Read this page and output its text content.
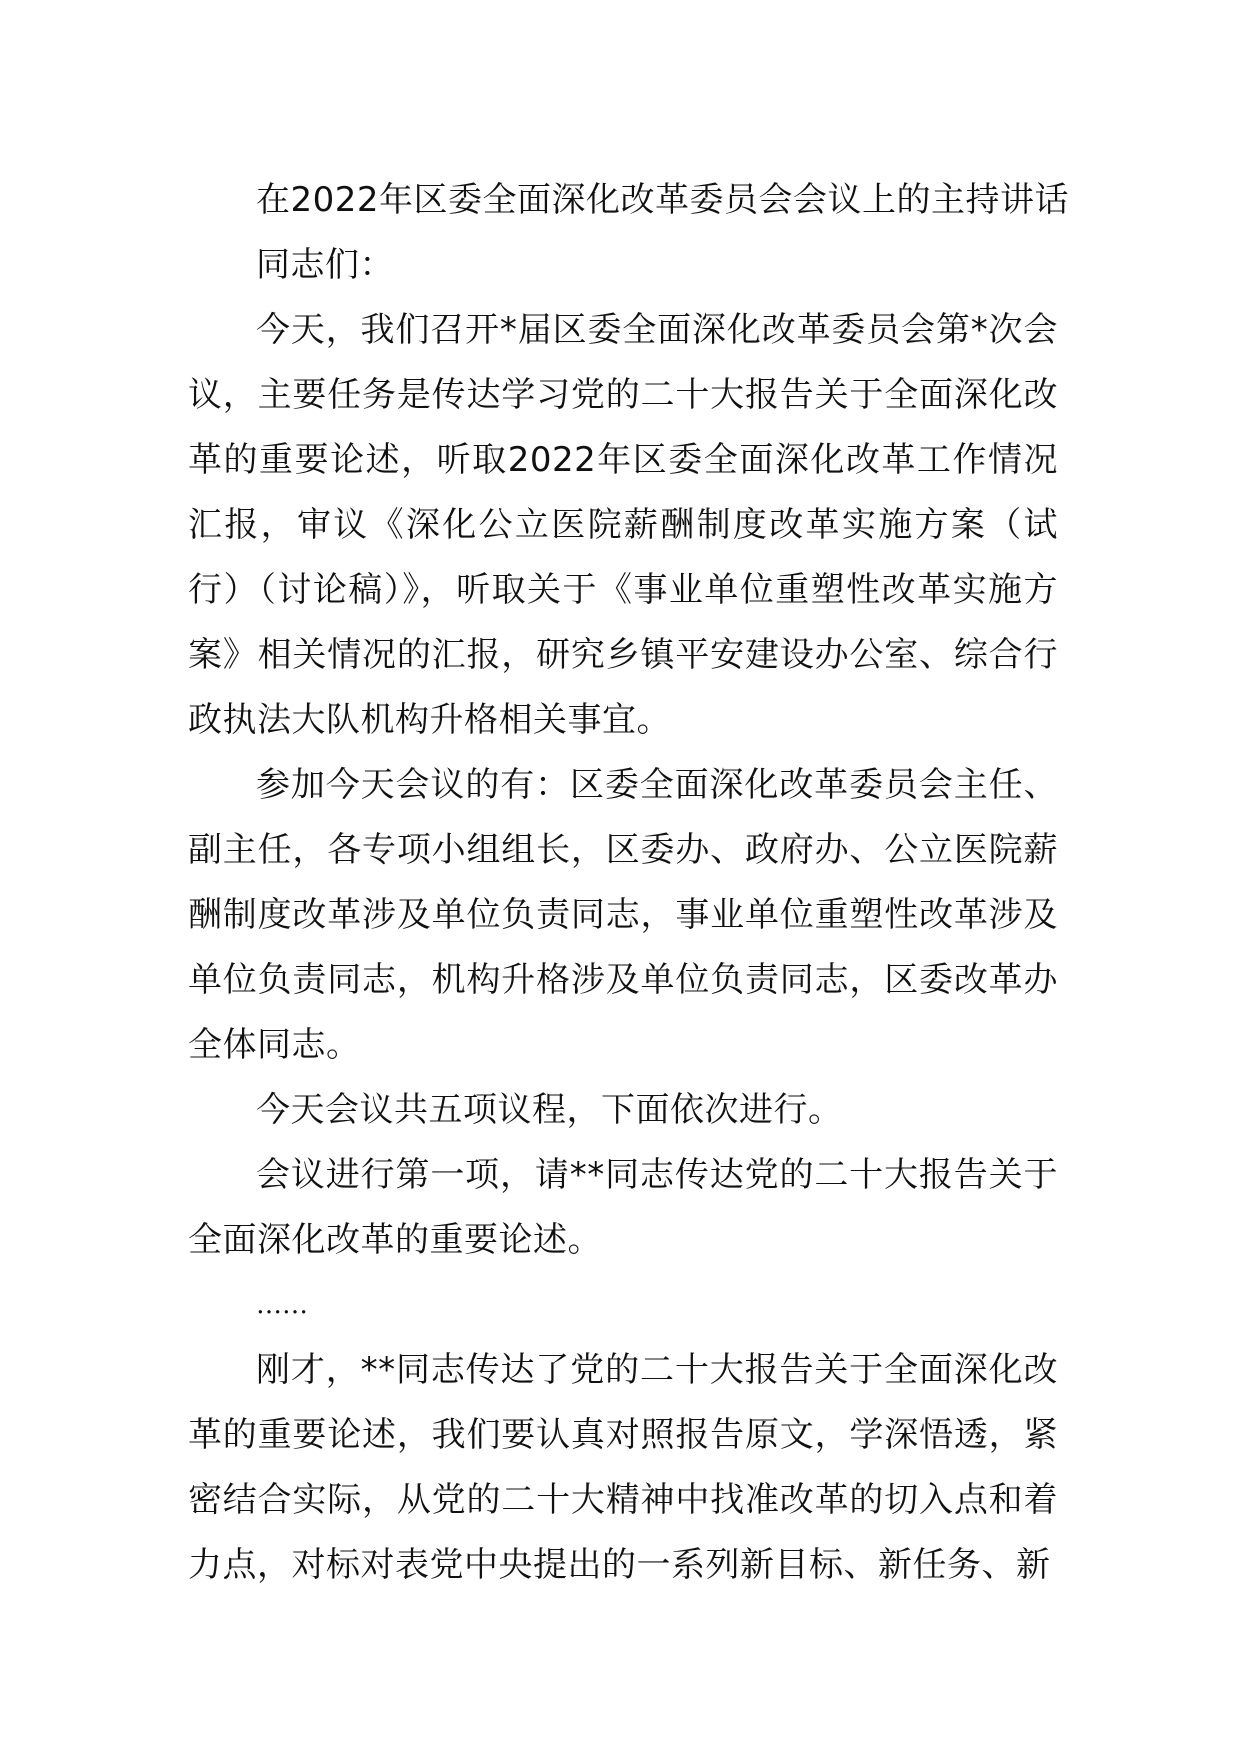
在2022年区委全面深化改革委员会会议上的主持讲话

同志们：

今天，我们召开*届区委全面深化改革委员会第*次会议，主要任务是传达学习党的二十大报告关于全面深化改革的重要论述，听取2022年区委全面深化改革工作情况汇报，审议《深化公立医院薪酬制度改革实施方案（试行）（讨论稿）》，听取关于《事业单位重塑性改革实施方案》相关情况的汇报，研究乡镇平安建设办公室、综合行政执法大队机构升格相关事宜。

参加今天会议的有：区委全面深化改革委员会主任、副主任，各专项小组组长，区委办、政府办、公立医院薪酬制度改革涉及单位负责同志，事业单位重塑性改革涉及单位负责同志，机构升格涉及单位负责同志，区委改革办全体同志。

今天会议共五项议程，下面依次进行。

会议进行第一项，请**同志传达党的二十大报告关于全面深化改革的重要论述。

……

刚才，**同志传达了党的二十大报告关于全面深化改革的重要论述，我们要认真对照报告原文，学深悟透，紧密结合实际，从党的二十大精神中找准改革的切入点和着力点，对标对表党中央提出的一系列新目标、新任务、新
